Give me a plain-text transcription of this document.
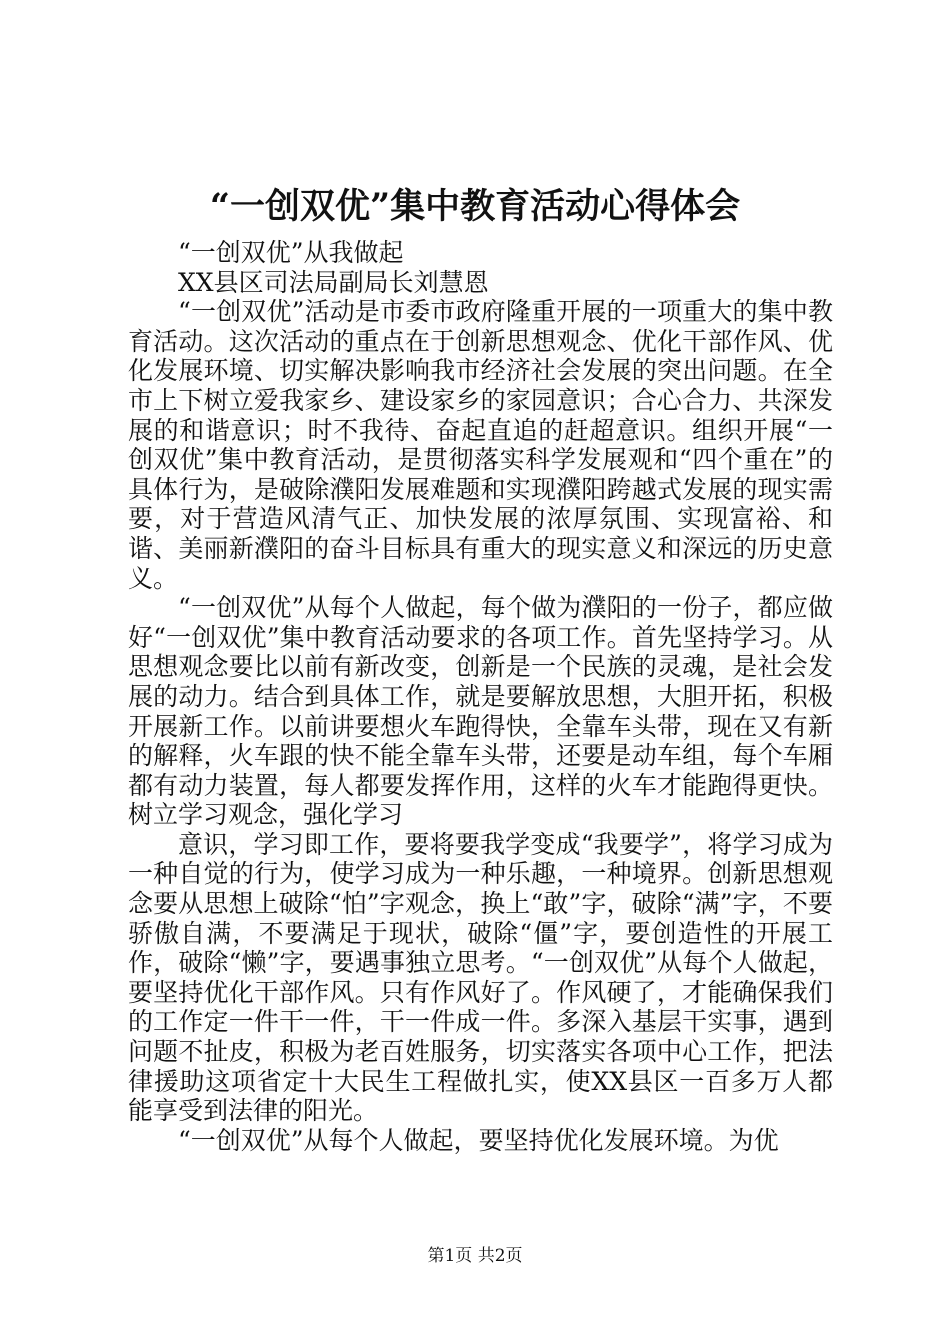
“一创双优”集中教育活动心得体会

“一创双优”从我做起

XX县区司法局副局长刘慧恩

“一创双优”活动是市委市政府隆重开展的一项重大的集中教育活动。这次活动的重点在于创新思想观念、优化干部作风、优化发展环境、切实解决影响我市经济社会发展的突出问题。在全市上下树立爱我家乡、建设家乡的家园意识；合心合力、共深发展的和谐意识；时不我待、奋起直追的赶超意识。组织开展“一创双优”集中教育活动，是贯彻落实科学发展观和“四个重在”的具体行为，是破除濮阳发展难题和实现濮阳跨越式发展的现实需要，对于营造风清气正、加快发展的浓厚氛围、实现富裕、和谐、美丽新濮阳的奋斗目标具有重大的现实意义和深远的历史意义。

“一创双优”从每个人做起，每个做为濮阳的一份子，都应做好“一创双优”集中教育活动要求的各项工作。首先坚持学习。从思想观念要比以前有新改变，创新是一个民族的灵魂，是社会发展的动力。结合到具体工作，就是要解放思想，大胆开拓，积极开展新工作。以前讲要想火车跑得快，全靠车头带，现在又有新的解释，火车跟的快不能全靠车头带，还要是动车组，每个车厢都有动力装置，每人都要发挥作用，这样的火车才能跑得更快。树立学习观念，强化学习

意识，学习即工作，要将要我学变成“我要学”，将学习成为一种自觉的行为，使学习成为一种乐趣，一种境界。创新思想观念要从思想上破除“怕”字观念，换上“敢”字，破除“满”字，不要骄傲自满，不要满足于现状，破除“僵”字，要创造性的开展工作，破除“懒”字，要遇事独立思考。“一创双优”从每个人做起，要坚持优化干部作风。只有作风好了。作风硬了，才能确保我们的工作定一件干一件，干一件成一件。多深入基层干实事，遇到问题不扯皮，积极为老百姓服务，切实落实各项中心工作，把法律援助这项省定十大民生工程做扎实，使XX县区一百多万人都能享受到法律的阳光。

“一创双优”从每个人做起，要坚持优化发展环境。为优

第1页 共2页
